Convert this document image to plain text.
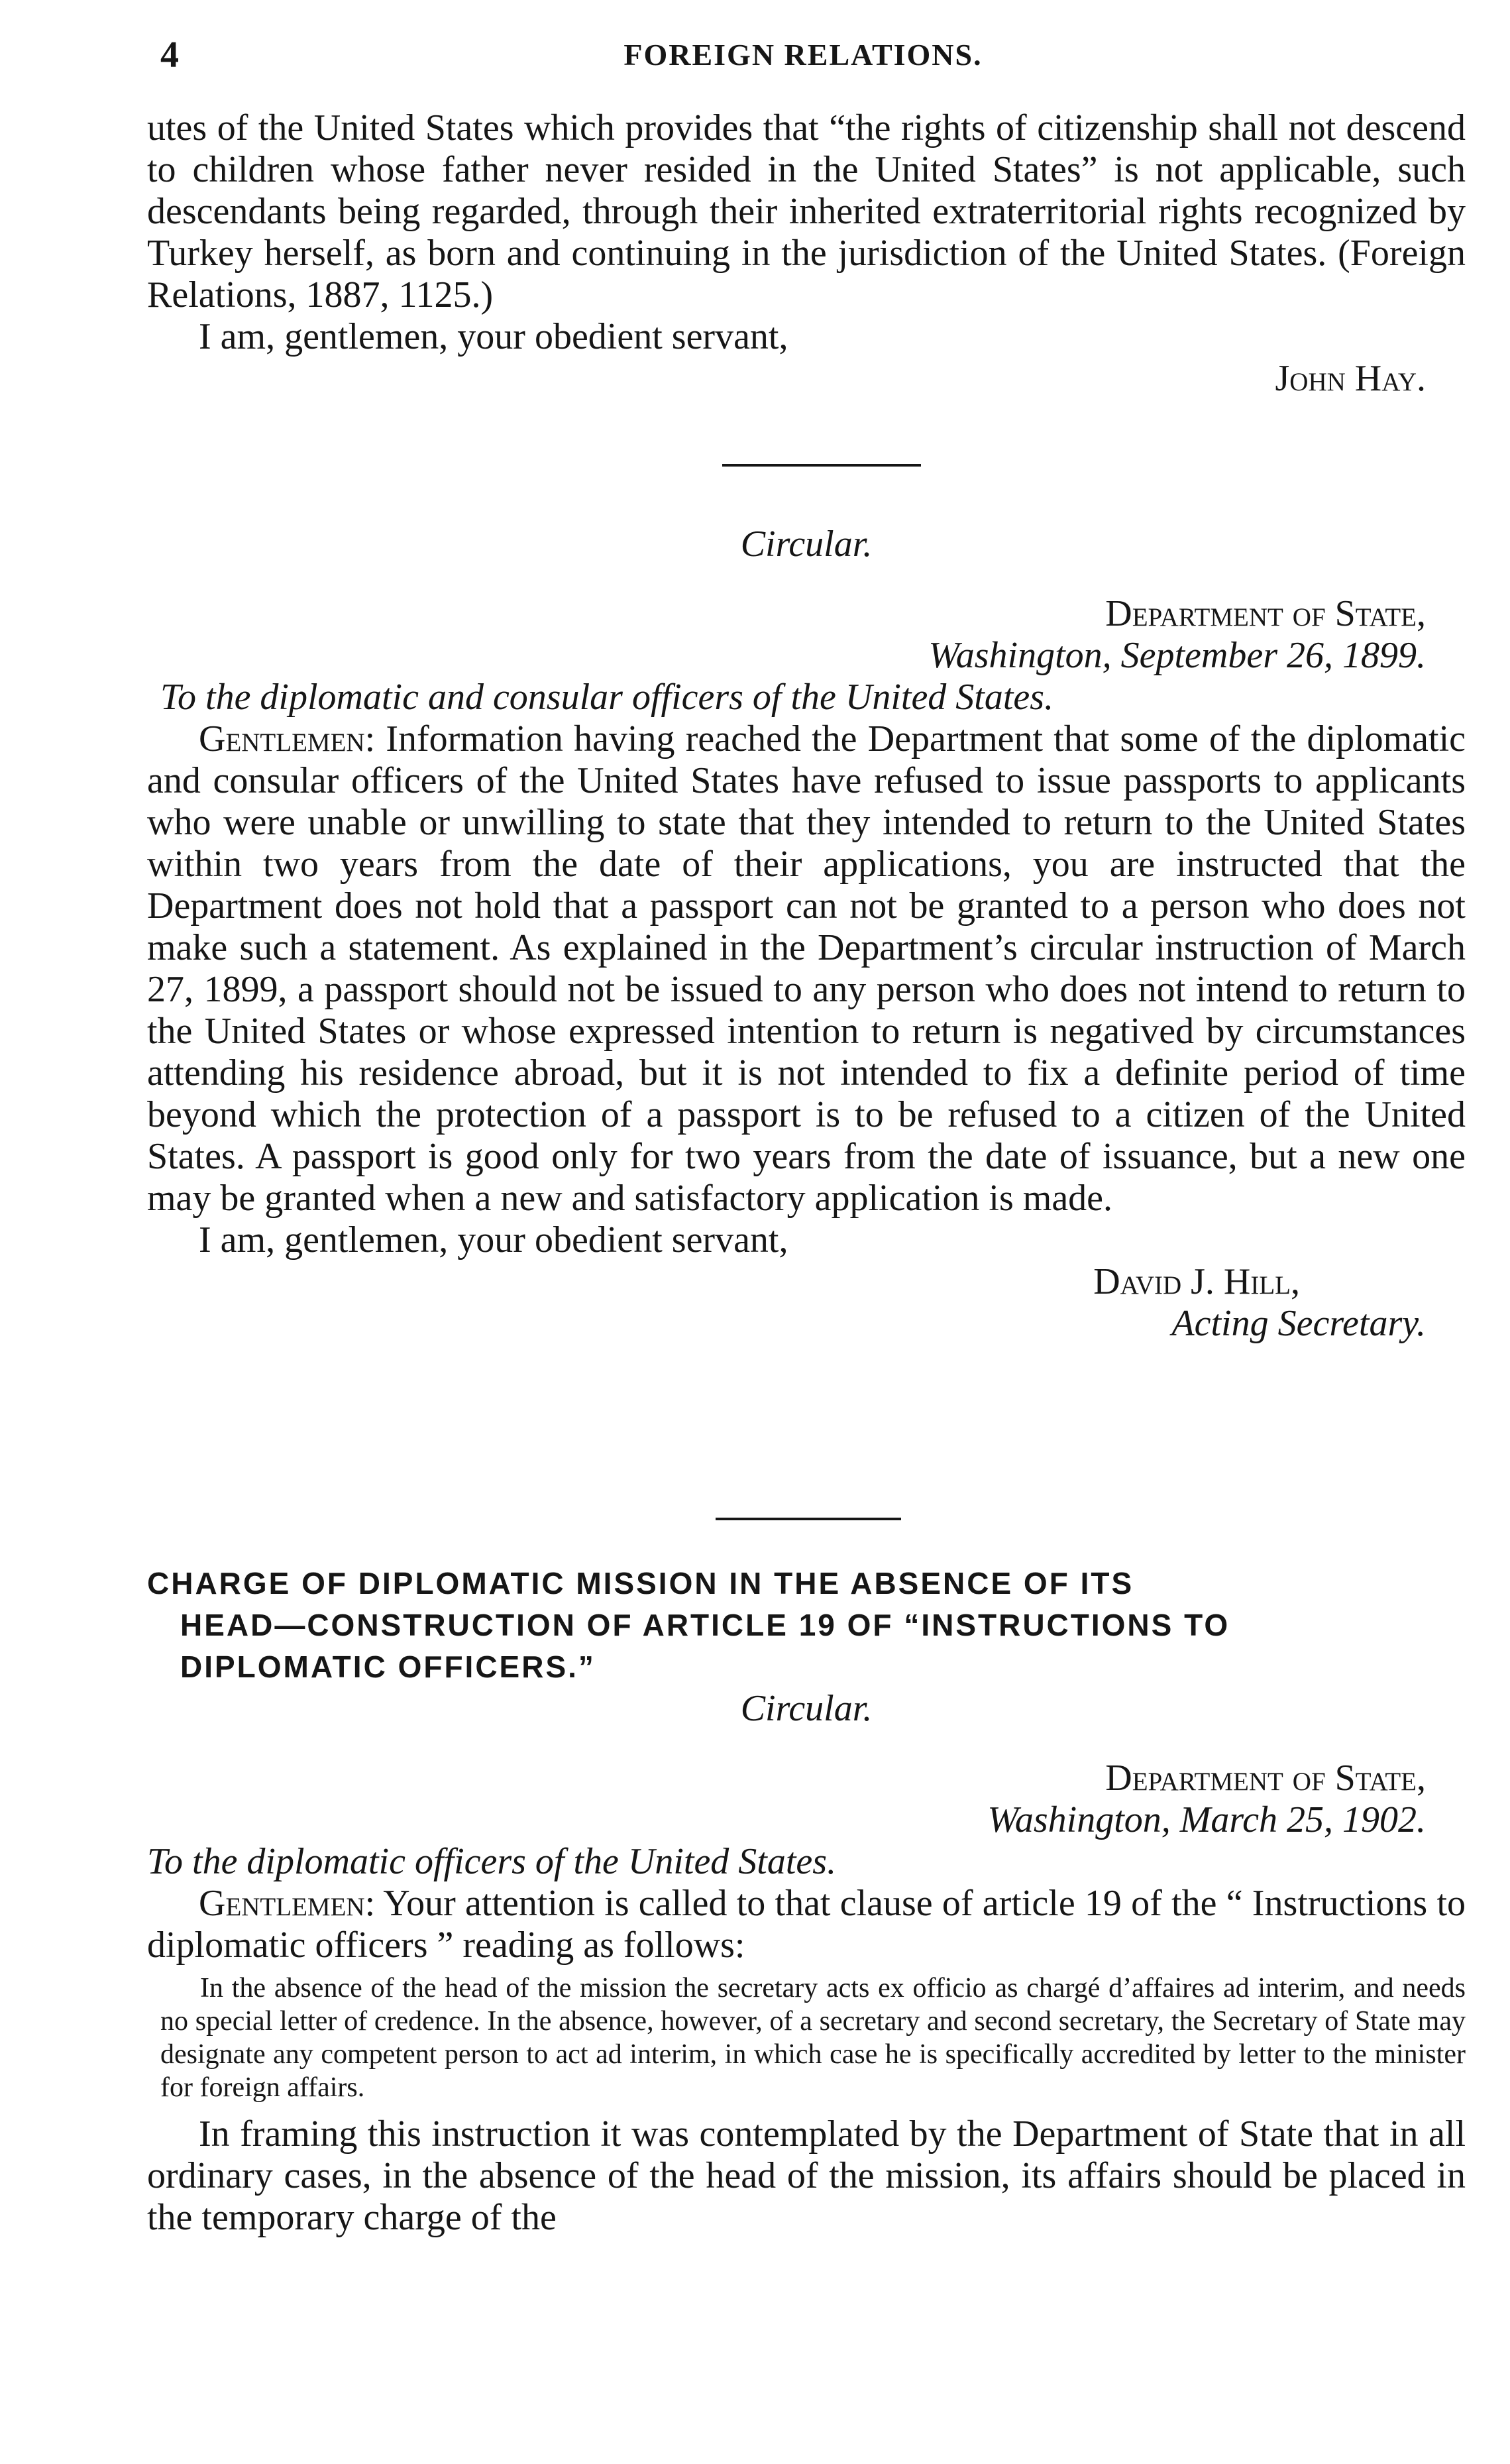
4	FOREIGN RELATIONS.

utes of the United States which provides that “the rights of citizenship shall not descend to children whose father never resided in the United States” is not applicable, such descendants being regarded, through their inherited extraterritorial rights recognized by Turkey herself, as born and continuing in the jurisdiction of the United States. (Foreign Relations, 1887, 1125.)

I am, gentlemen, your obedient servant,

John Hay.

Circular.

Department of State,

Washington, September 26, 1899.

To the diplomatic and consular officers of the United States.

Gentlemen: Information having reached the Department that some of the diplomatic and consular officers of the United States have refused to issue passports to applicants who were unable or unwilling to state that they intended to return to the United States within two years from the date of their applications, you are instructed that the Department does not hold that a passport can not be granted to a person who does not make such a statement. As explained in the Department’s circular instruction of March 27, 1899, a passport should not be issued to any person who does not intend to return to the United States or whose expressed intention to return is negatived by circumstances attending his residence abroad, but it is not intended to fix a definite period of time beyond which the protection of a passport is to be refused to a citizen of the United States. A passport is good only for two years from the date of issuance, but a new one may be granted when a new and satisfactory application is made.

I am, gentlemen, your obedient servant,

David J. Hill,

Acting Secretary.

CHARGE OF DIPLOMATIC MISSION IN THE ABSENCE OF ITS

HEAD—CONSTRUCTION OF ARTICLE 19 OF “INSTRUCTIONS TO

DIPLOMATIC OFFICERS.”

Circular.

Department of State,

Washington, March 25, 1902.

To the diplomatic officers of the United States.

Gentlemen: Your attention is called to that clause of article 19 of the “ Instructions to diplomatic officers ” reading as follows:

In the absence of the head of the mission the secretary acts ex officio as chargé d’affaires ad interim, and needs no special letter of credence. In the absence, however, of a secretary and second secretary, the Secretary of State may designate any competent person to act ad interim, in which case he is specifically accredited by letter to the minister for foreign affairs.

In framing this instruction it was contemplated by the Department of State that in all ordinary cases, in the absence of the head of the mission, its affairs should be placed in the temporary charge of the
